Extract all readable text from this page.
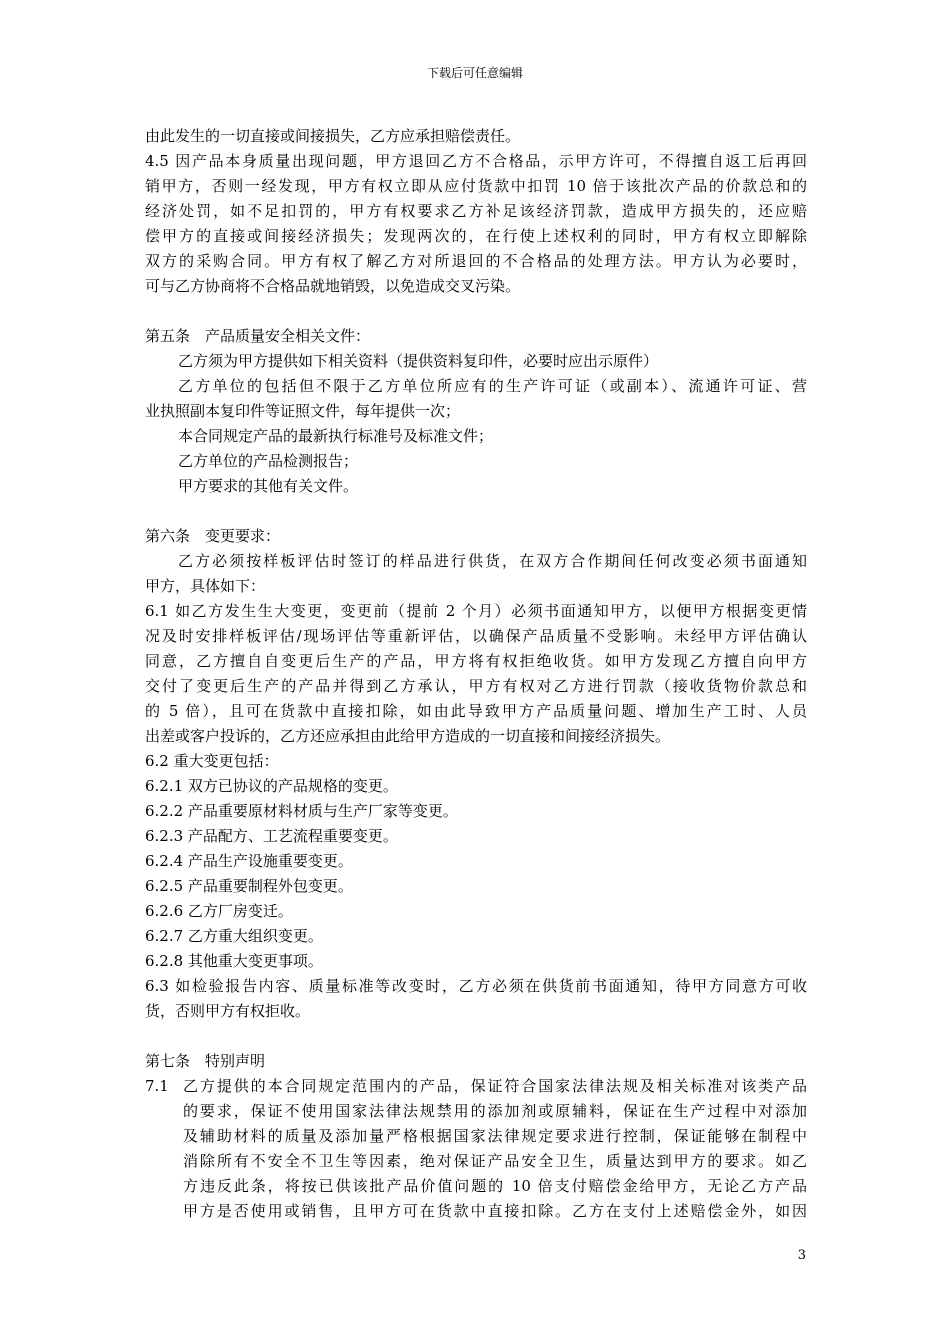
下载后可任意编辑
由此发生的一切直接或间接损失，乙方应承担赔偿责任。
4.5 因产品本身质量出现问题，甲方退回乙方不合格品，示甲方许可，不得擅自返工后再回
销甲方，否则一经发现，甲方有权立即从应付货款中扣罚 10 倍于该批次产品的价款总和的
经济处罚，如不足扣罚的，甲方有权要求乙方补足该经济罚款，造成甲方损失的，还应赔
偿甲方的直接或间接经济损失；发现两次的，在行使上述权利的同时，甲方有权立即解除
双方的采购合同。甲方有权了解乙方对所退回的不合格品的处理方法。甲方认为必要时，
可与乙方协商将不合格品就地销毁，以免造成交叉污染。
第五条　产品质量安全相关文件：
乙方须为甲方提供如下相关资料（提供资料复印件，必要时应出示原件）
乙方单位的包括但不限于乙方单位所应有的生产许可证（或副本）、流通许可证、营
业执照副本复印件等证照文件，每年提供一次；
本合同规定产品的最新执行标准号及标准文件；
乙方单位的产品检测报告；
甲方要求的其他有关文件。
第六条　变更要求：
乙方必须按样板评估时签订的样品进行供货，在双方合作期间任何改变必须书面通知
甲方，具体如下：
6.1 如乙方发生生大变更，变更前（提前 2 个月）必须书面通知甲方，以便甲方根据变更情
况及时安排样板评估/现场评估等重新评估，以确保产品质量不受影响。未经甲方评估确认
同意，乙方擅自自变更后生产的产品，甲方将有权拒绝收货。如甲方发现乙方擅自向甲方
交付了变更后生产的产品并得到乙方承认，甲方有权对乙方进行罚款（接收货物价款总和
的 5 倍），且可在货款中直接扣除，如由此导致甲方产品质量问题、增加生产工时、人员
出差或客户投诉的，乙方还应承担由此给甲方造成的一切直接和间接经济损失。
6.2 重大变更包括：
6.2.1 双方已协议的产品规格的变更。
6.2.2 产品重要原材料材质与生产厂家等变更。
6.2.3 产品配方、工艺流程重要变更。
6.2.4 产品生产设施重要变更。
6.2.5 产品重要制程外包变更。
6.2.6 乙方厂房变迁。
6.2.7 乙方重大组织变更。
6.2.8 其他重大变更事项。
6.3 如检验报告内容、质量标准等改变时，乙方必须在供货前书面通知，待甲方同意方可收
货，否则甲方有权拒收。
第七条　特别声明
7.1 乙方提供的本合同规定范围内的产品，保证符合国家法律法规及相关标准对该类产品
的要求，保证不使用国家法律法规禁用的添加剂或原辅料，保证在生产过程中对添加
及辅助材料的质量及添加量严格根据国家法律规定要求进行控制，保证能够在制程中
消除所有不安全不卫生等因素，绝对保证产品安全卫生，质量达到甲方的要求。如乙
方违反此条，将按已供该批产品价值问题的 10 倍支付赔偿金给甲方，无论乙方产品
甲方是否使用或销售，且甲方可在货款中直接扣除。乙方在支付上述赔偿金外，如因
3
